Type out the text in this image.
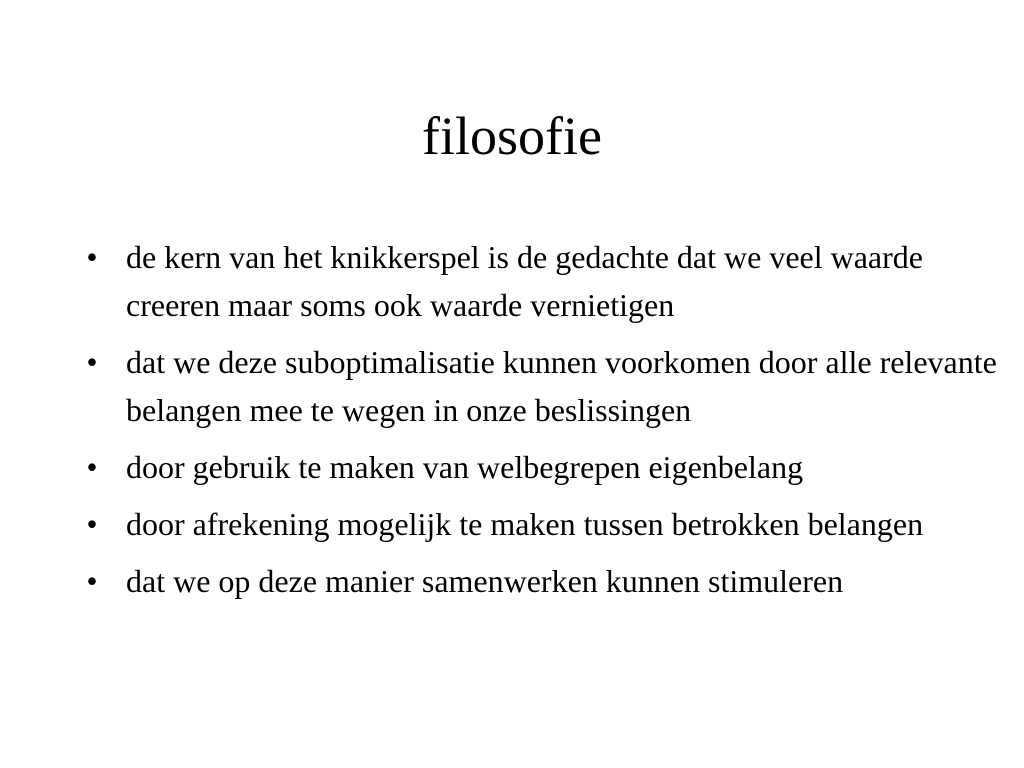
filosofie
• de kern van het knikkerspel is de gedachte dat we veel waarde creeren maar soms ook waarde vernietigen
• dat we deze suboptimalisatie kunnen voorkomen door alle relevante belangen mee te wegen in onze beslissingen
• door gebruik te maken van welbegrepen eigenbelang
• door afrekening mogelijk te maken tussen betrokken belangen
• dat we op deze manier samenwerken kunnen stimuleren
